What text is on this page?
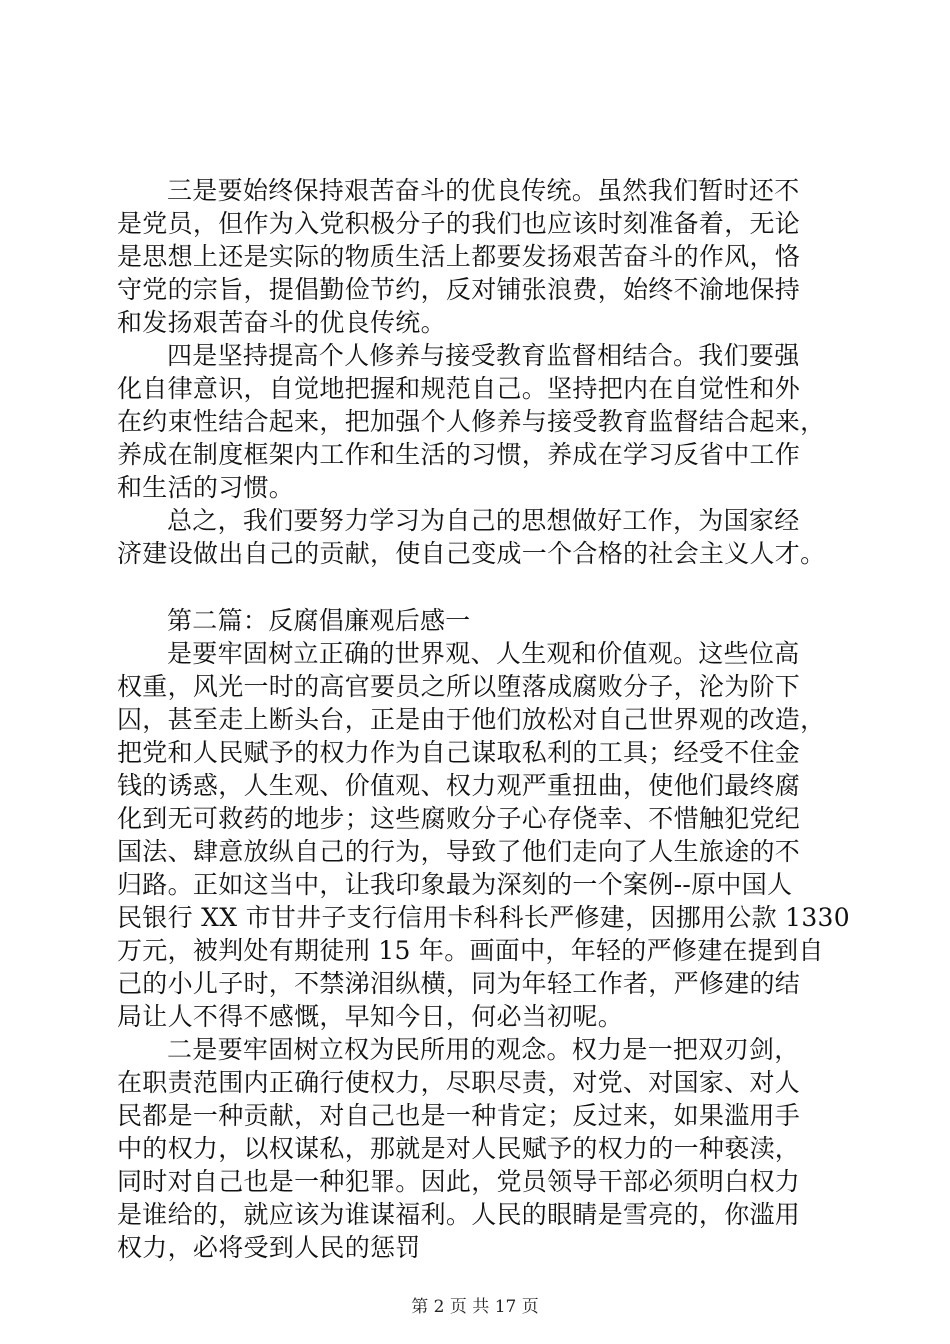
三是要始终保持艰苦奋斗的优良传统。虽然我们暂时还不
是党员，但作为入党积极分子的我们也应该时刻准备着，无论
是思想上还是实际的物质生活上都要发扬艰苦奋斗的作风，恪
守党的宗旨，提倡勤俭节约，反对铺张浪费，始终不渝地保持
和发扬艰苦奋斗的优良传统。
四是坚持提高个人修养与接受教育监督相结合。我们要强
化自律意识，自觉地把握和规范自己。坚持把内在自觉性和外
在约束性结合起来，把加强个人修养与接受教育监督结合起来，
养成在制度框架内工作和生活的习惯，养成在学习反省中工作
和生活的习惯。
总之，我们要努力学习为自己的思想做好工作，为国家经
济建设做出自己的贡献，使自己变成一个合格的社会主义人才。
第二篇：反腐倡廉观后感一
是要牢固树立正确的世界观、人生观和价值观。这些位高
权重，风光一时的高官要员之所以堕落成腐败分子，沦为阶下
囚，甚至走上断头台，正是由于他们放松对自己世界观的改造，
把党和人民赋予的权力作为自己谋取私利的工具；经受不住金
钱的诱惑，人生观、价值观、权力观严重扭曲，使他们最终腐
化到无可救药的地步；这些腐败分子心存侥幸、不惜触犯党纪
国法、肆意放纵自己的行为，导致了他们走向了人生旅途的不
归路。正如这当中，让我印象最为深刻的一个案例--原中国人
民银行 XX 市甘井子支行信用卡科科长严修建，因挪用公款 1330
万元，被判处有期徒刑 15 年。画面中，年轻的严修建在提到自
己的小儿子时，不禁涕泪纵横，同为年轻工作者，严修建的结
局让人不得不感慨，早知今日，何必当初呢。
二是要牢固树立权为民所用的观念。权力是一把双刃剑，
在职责范围内正确行使权力，尽职尽责，对党、对国家、对人
民都是一种贡献，对自己也是一种肯定；反过来，如果滥用手
中的权力，以权谋私，那就是对人民赋予的权力的一种亵渎，
同时对自己也是一种犯罪。因此，党员领导干部必须明白权力
是谁给的，就应该为谁谋福利。人民的眼睛是雪亮的，你滥用
权力，必将受到人民的惩罚
第 2 页 共 17 页
